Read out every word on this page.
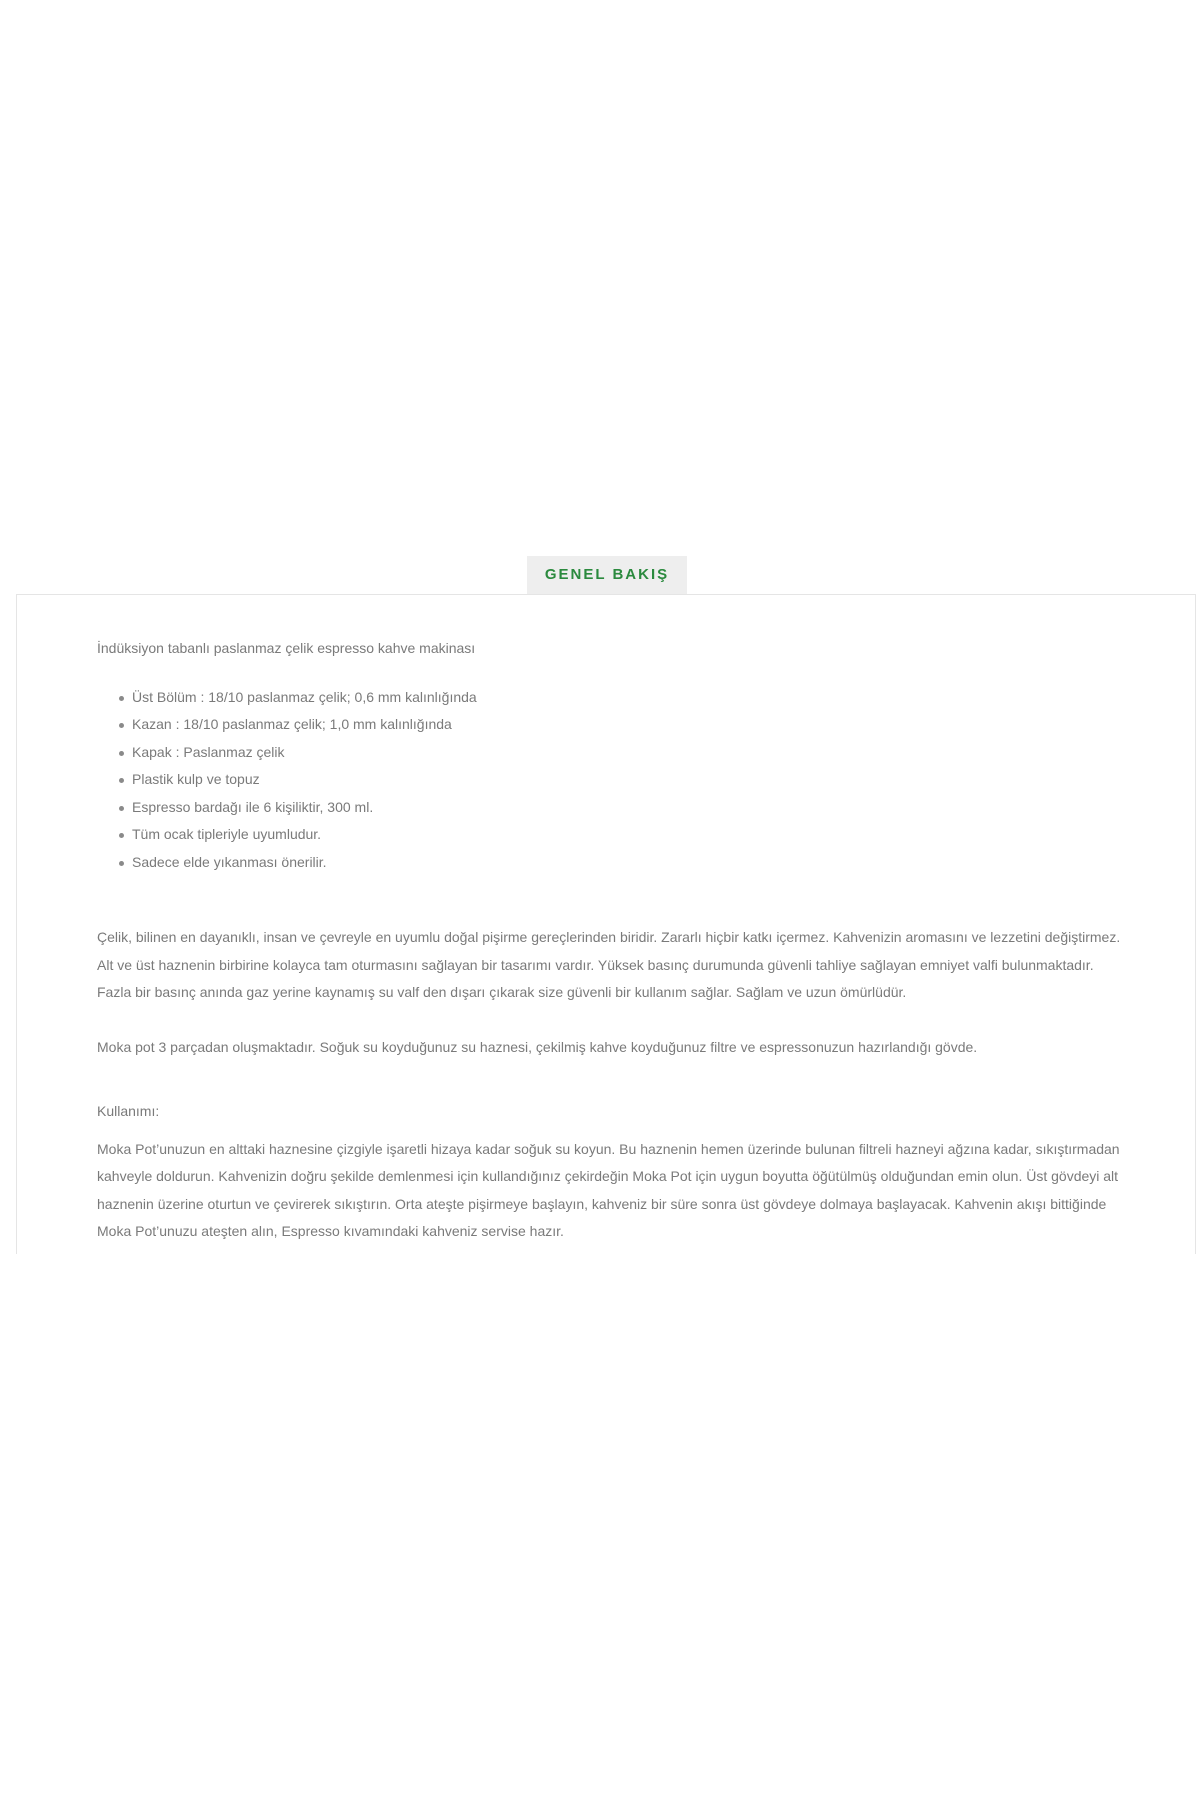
GENEL BAKIŞ

İndüksiyon tabanlı paslanmaz çelik espresso kahve makinası

Üst Bölüm : 18/10 paslanmaz çelik; 0,6 mm kalınlığında
Kazan : 18/10 paslanmaz çelik; 1,0 mm kalınlığında
Kapak : Paslanmaz çelik
Plastik kulp ve topuz
Espresso bardağı ile 6 kişiliktir, 300 ml.
Tüm ocak tipleriyle uyumludur.
Sadece elde yıkanması önerilir.

Çelik, bilinen en dayanıklı, insan ve çevreyle en uyumlu doğal pişirme gereçlerinden biridir. Zararlı hiçbir katkı içermez. Kahvenizin aromasını ve lezzetini değiştirmez. Alt ve üst haznenin birbirine kolayca tam oturmasını sağlayan bir tasarımı vardır. Yüksek basınç durumunda güvenli tahliye sağlayan emniyet valfi bulunmaktadır. Fazla bir basınç anında gaz yerine kaynamış su valf den dışarı çıkarak size güvenli bir kullanım sağlar. Sağlam ve uzun ömürlüdür.

Moka pot 3 parçadan oluşmaktadır. Soğuk su koyduğunuz su haznesi, çekilmiş kahve koyduğunuz filtre ve espressonuzun hazırlandığı gövde.

Kullanımı:

Moka Pot’unuzun en alttaki haznesine çizgiyle işaretli hizaya kadar soğuk su koyun. Bu haznenin hemen üzerinde bulunan filtreli hazneyi ağzına kadar, sıkıştırmadan kahveyle doldurun. Kahvenizin doğru şekilde demlenmesi için kullandığınız çekirdeğin Moka Pot için uygun boyutta öğütülmüş olduğundan emin olun. Üst gövdeyi alt haznenin üzerine oturtun ve çevirerek sıkıştırın. Orta ateşte pişirmeye başlayın, kahveniz bir süre sonra üst gövdeye dolmaya başlayacak. Kahvenin akışı bittiğinde Moka Pot’unuzu ateşten alın, Espresso kıvamındaki kahveniz servise hazır.
